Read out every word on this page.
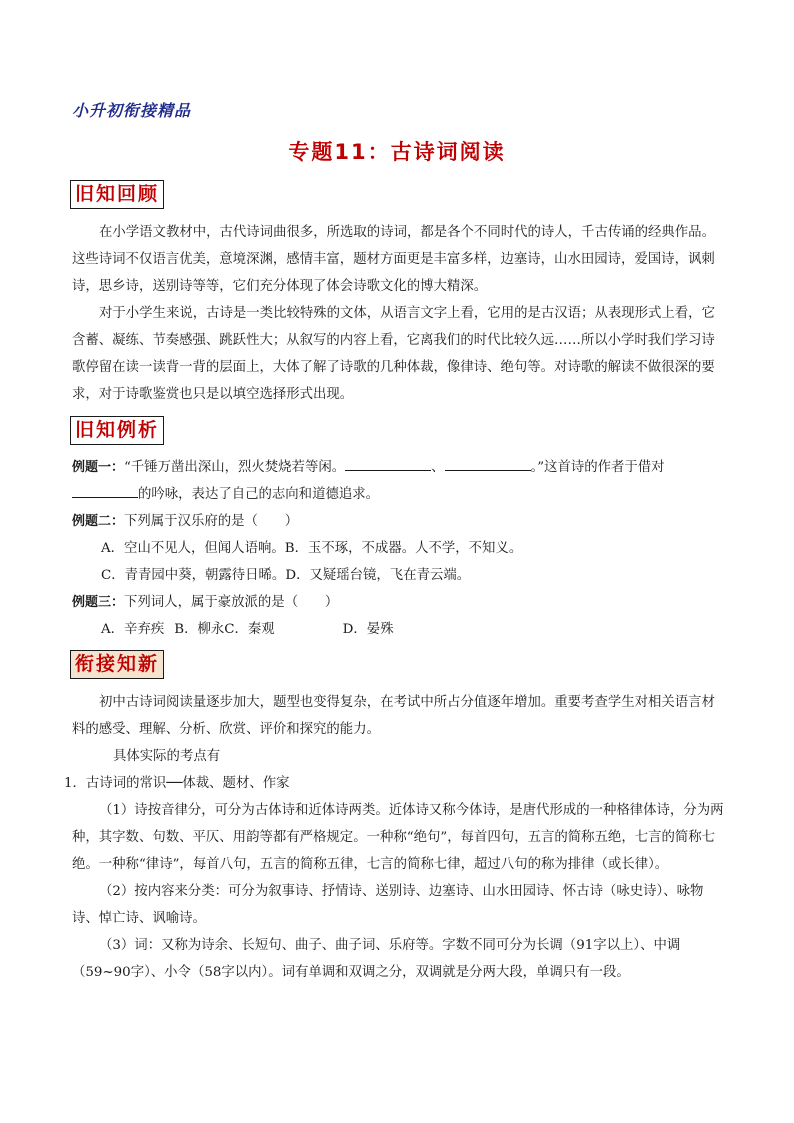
小升初衔接精品
专题11：古诗词阅读
旧知回顾

在小学语文教材中，古代诗词曲很多，所选取的诗词，都是各个不同时代的诗人，千古传诵的经典作品。这些诗词不仅语言优美，意境深渊，感情丰富，题材方面更是丰富多样，边塞诗，山水田园诗，爱国诗，讽刺诗，思乡诗，送别诗等等，它们充分体现了体会诗歌文化的博大精深。

对于小学生来说，古诗是一类比较特殊的文体，从语言文字上看，它用的是古汉语；从表现形式上看，它含蓄、凝练、节奏感强、跳跃性大；从叙写的内容上看，它离我们的时代比较久远……所以小学时我们学习诗歌停留在读一读背一背的层面上，大体了解了诗歌的几种体裁，像律诗、绝句等。对诗歌的解读不做很深的要求，对于诗歌鉴赏也只是以填空选择形式出现。

旧知例析

例题一：“千锤万凿出深山，烈火焚烧若等闲。	、	。”这首诗的作者于借对
的吟咏，表达了自己的志向和道德追求。

例题二：下列属于汉乐府的是（　　）

A．空山不见人，但闻人语响。B．玉不琢，不成器。人不学，不知义。

C．青青园中葵，朝露待日晞。D．又疑瑶台镜，飞在青云端。

例题三：下列词人，属于豪放派的是（　　）

A．辛弃疾 B．柳永C．秦观	D．晏殊

衔接知新

初中古诗词阅读量逐步加大，题型也变得复杂，在考试中所占分值逐年增加。重要考查学生对相关语言材料的感受、理解、分析、欣赏、评价和探究的能力。

具体实际的考点有

1．古诗词的常识──体裁、题材、作家

（1）诗按音律分，可分为古体诗和近体诗两类。近体诗又称今体诗，是唐代形成的一种格律体诗，分为两种，其字数、句数、平仄、用韵等都有严格规定。一种称“绝句”，每首四句，五言的简称五绝，七言的简称七绝。一种称“律诗”，每首八句，五言的简称五律，七言的简称七律，超过八句的称为排律（或长律）。

（2）按内容来分类：可分为叙事诗、抒情诗、送别诗、边塞诗、山水田园诗、怀古诗（咏史诗）、咏物诗、悼亡诗、讽喻诗。

（3）词：又称为诗余、长短句、曲子、曲子词、乐府等。字数不同可分为长调（91字以上）、中调（59~90字）、小令（58字以内）。词有单调和双调之分，双调就是分两大段，单调只有一段。
